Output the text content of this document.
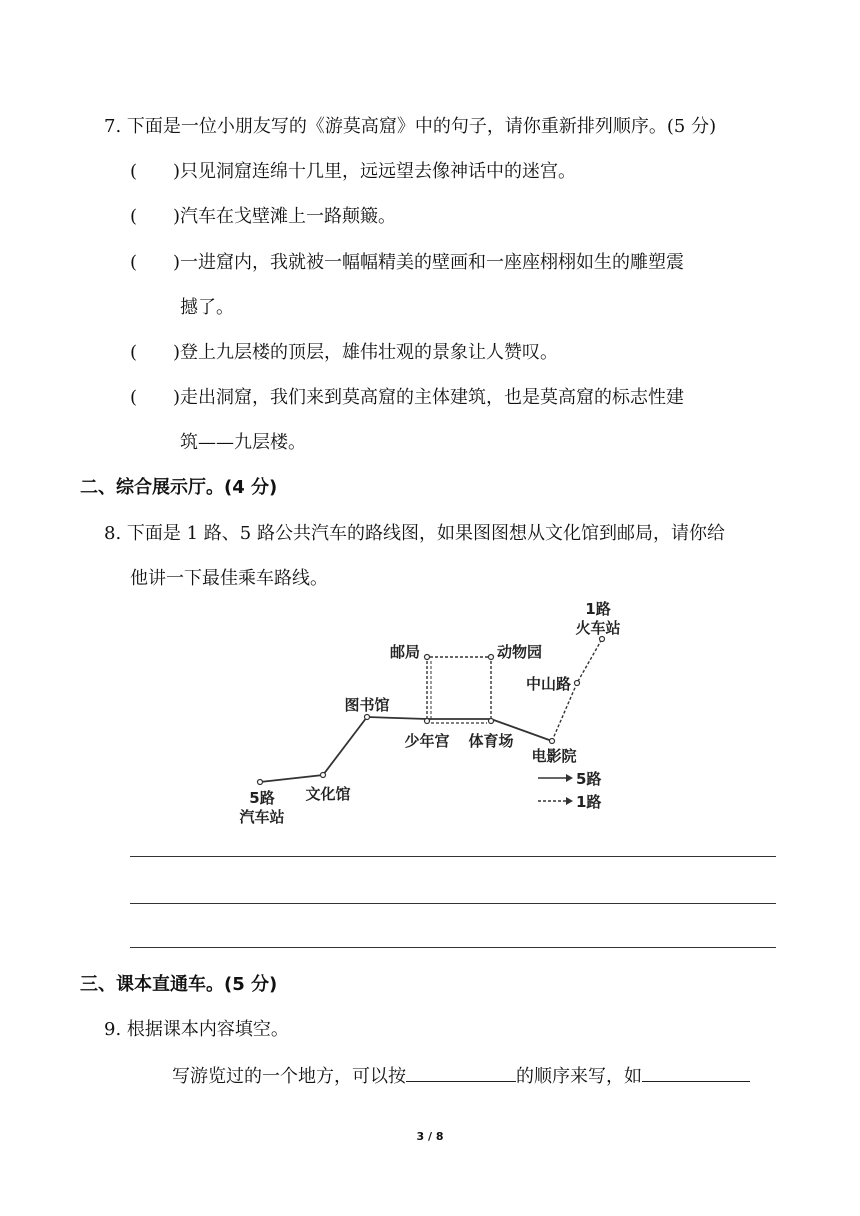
7. 下面是一位小朋友写的《游莫高窟》中的句子，请你重新排列顺序。(5 分)
(　　)只见洞窟连绵十几里，远远望去像神话中的迷宫。
(　　)汽车在戈壁滩上一路颠簸。
(　　)一进窟内，我就被一幅幅精美的壁画和一座座栩栩如生的雕塑震
撼了。
(　　)登上九层楼的顶层，雄伟壮观的景象让人赞叹。
(　　)走出洞窟，我们来到莫高窟的主体建筑，也是莫高窟的标志性建
筑——九层楼。
二、综合展示厅。(4 分)
8. 下面是 1 路、5 路公共汽车的路线图，如果图图想从文化馆到邮局，请你给
他讲一下最佳乘车路线。
5路
汽车站
文化馆
图书馆
邮局	动物园
少年宫 体育场
电影院
中山路
1路
火车站
5路
1路
三、课本直通车。(5 分)
9. 根据课本内容填空。
写游览过的一个地方，可以按	的顺序来写，如
3 / 8
